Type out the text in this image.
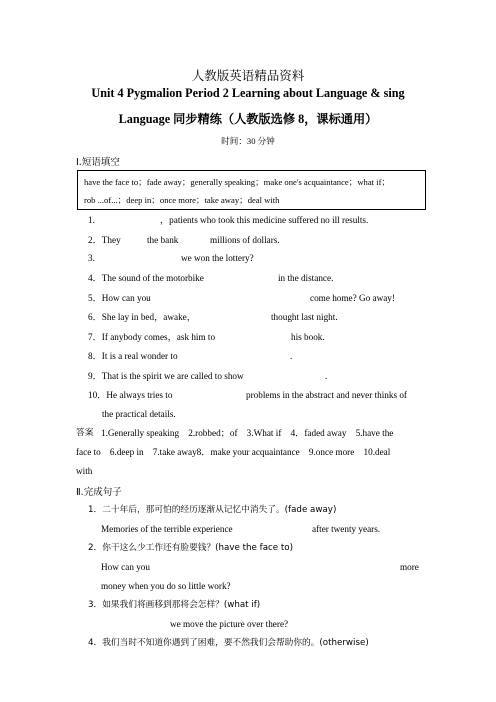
人教版英语精品资料
Unit 4 Pygmalion Period 2 Learning about Language & sing
Language 同步精练（人教版选修 8，课标通用）
时间：30 分钟
Ⅰ.短语填空
have the face to；fade away；generally speaking；make one's acquaintance；what if；
rob ...of...；deep in；once more；take away；deal with
1.	，patients who took this medicine suffered no ill results.
2．They	the bank	millions of dollars.
3.	we won the lottery?
4．The sound of the motorbike	in the distance.
5．How can you	come home? Go away!
6．She lay in bed，awake，	thought last night.
7．If anybody comes，ask him to	his book.
8．It is a real wonder to	.
9．That is the spirit we are called to show	.
10．He always tries to	problems in the abstract and never thinks of
the practical details.
答案 1.Generally speaking　2.robbed；of　3.What if　4．faded away　5.have the
face to　6.deep in　7.take away8．make your acquaintance　9.once more　10.deal
with
Ⅱ.完成句子
1．二十年后，那可怕的经历逐渐从记忆中消失了。(fade away)
Memories of the terrible experience	after twenty years.
2．你干这么少工作还有脸要钱？(have the face to)
How can you	more
money when you do so little work?
3．如果我们将画移到那将会怎样？(what if)
we move the picture over there?
4．我们当时不知道你遇到了困难，要不然我们会帮助你的。(otherwise)
